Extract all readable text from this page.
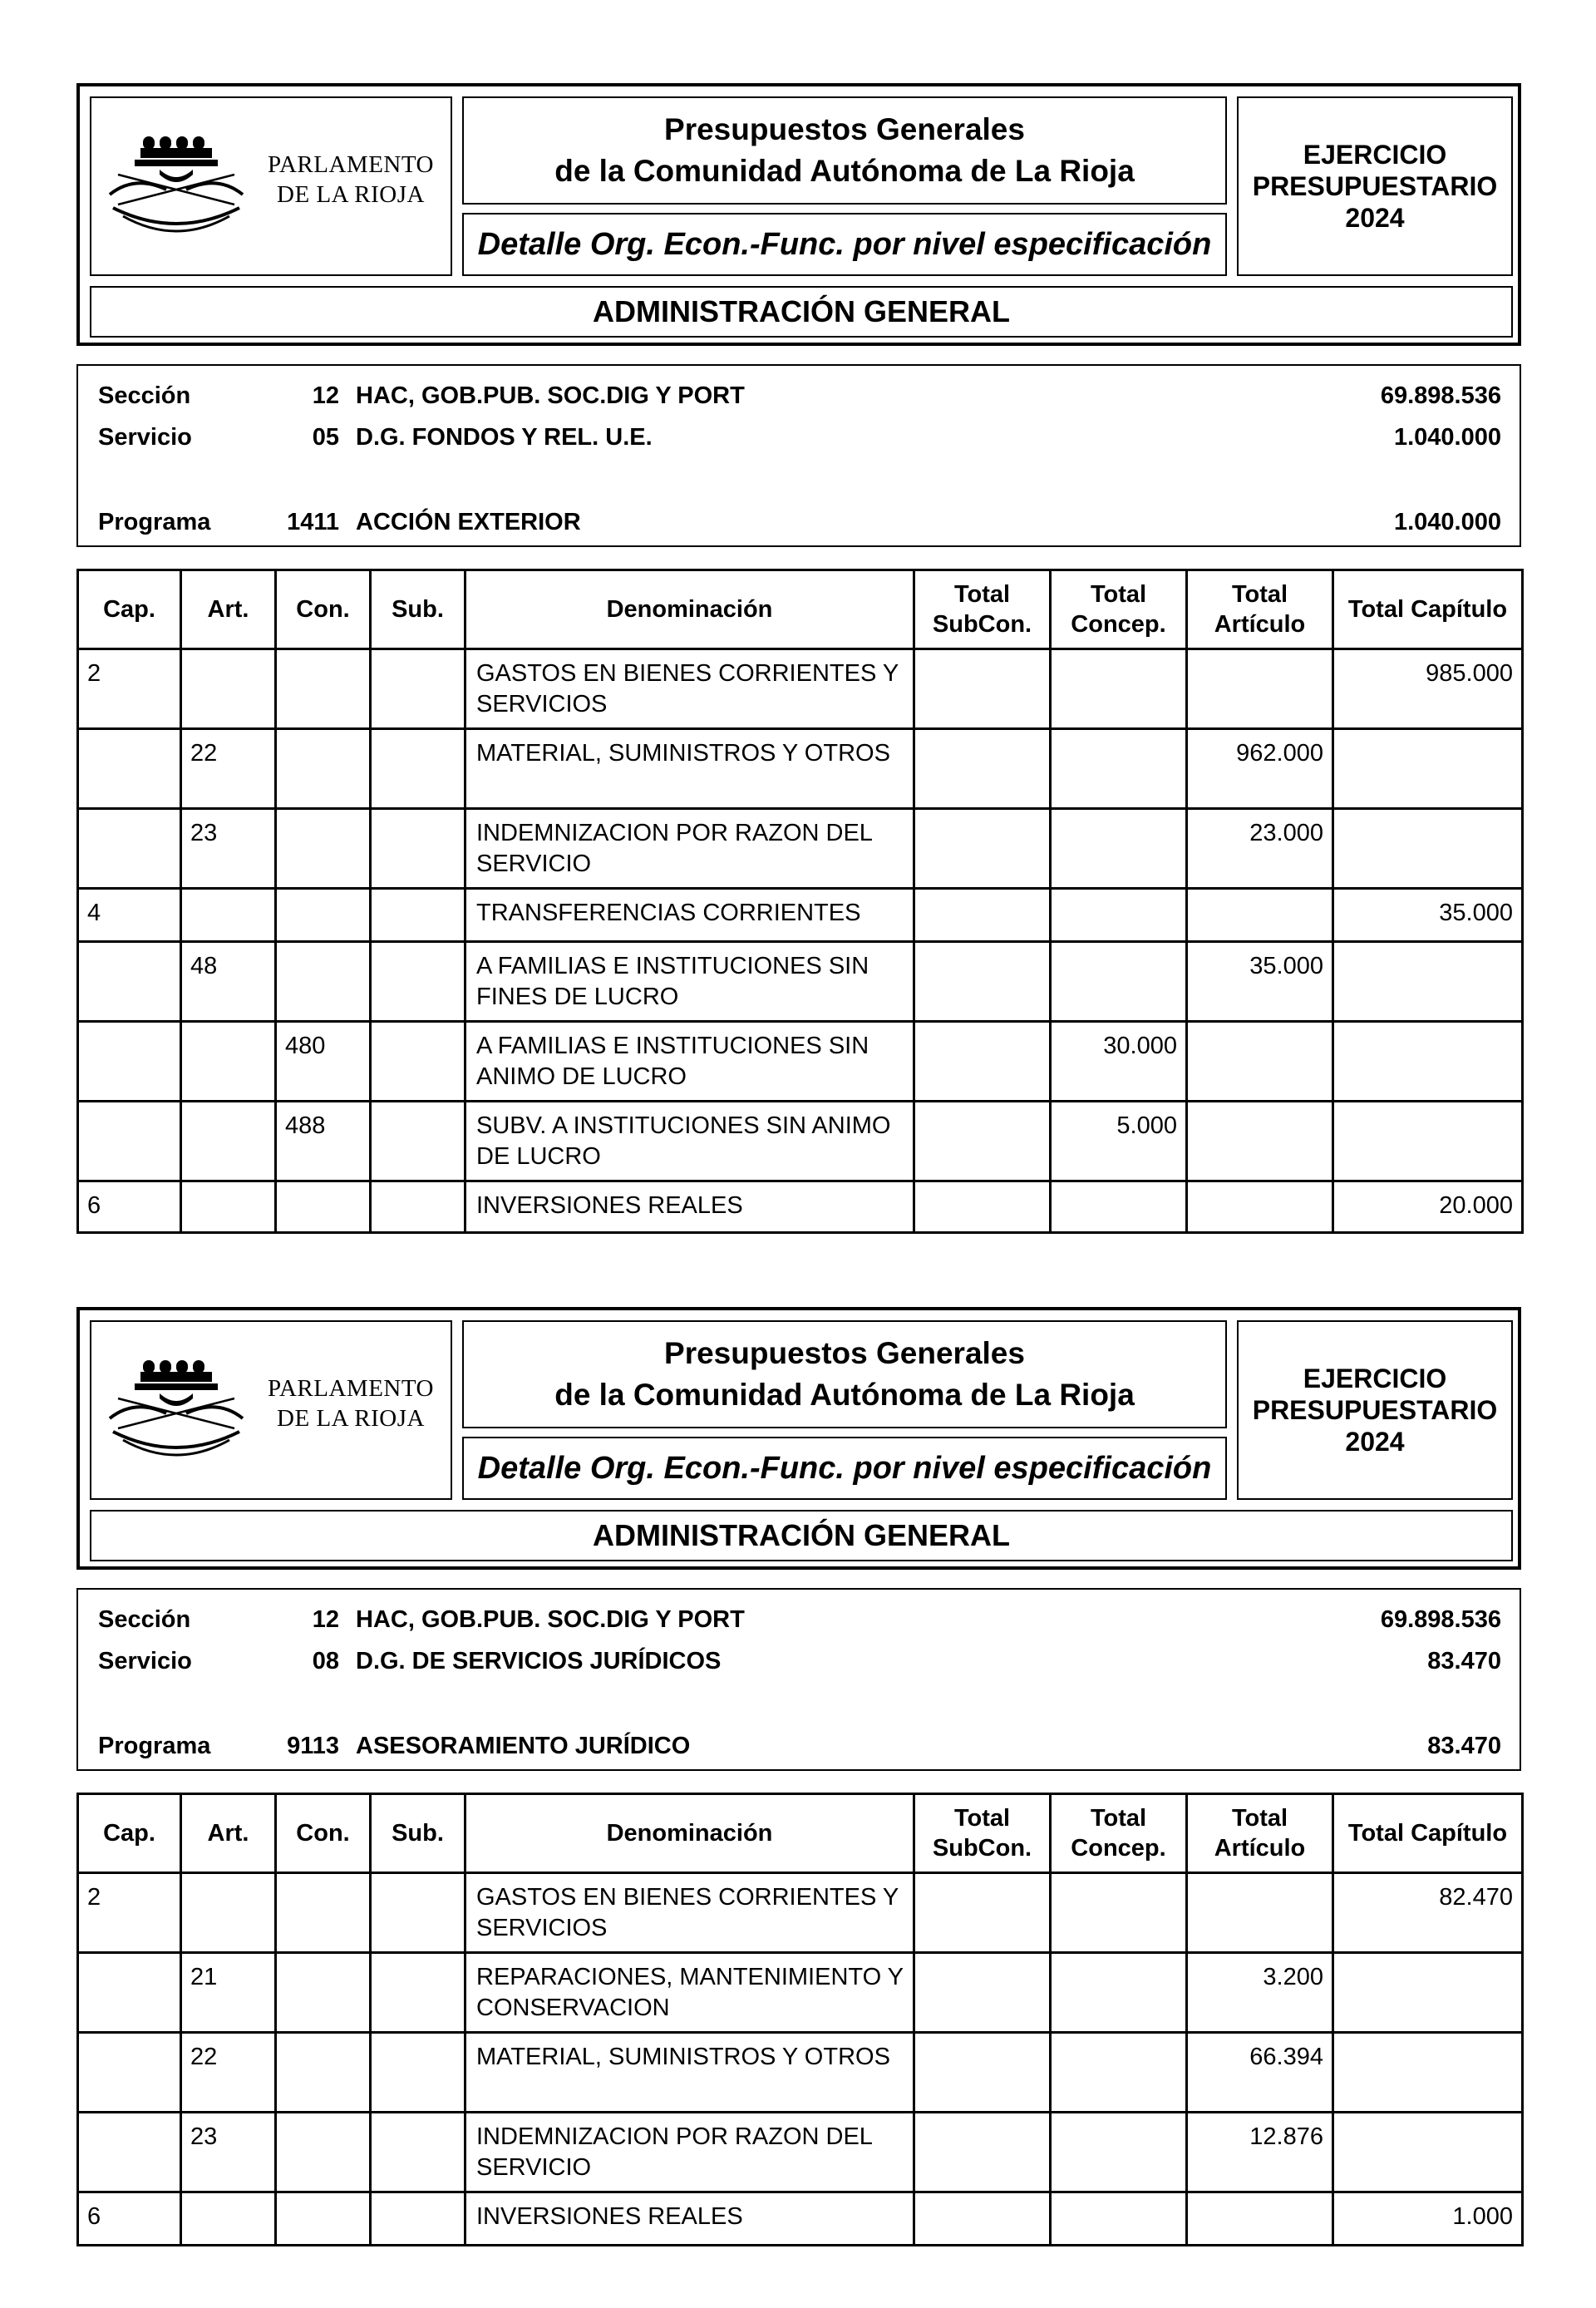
PARLAMENTO
DE LA RIOJA
Presupuestos Generales
de la Comunidad Autónoma de La Rioja
Detalle Org. Econ.-Func. por nivel especificación
EJERCICIO
PRESUPUESTARIO
2024
ADMINISTRACIÓN GENERAL
Sección	12 HAC, GOB.PUB. SOC.DIG Y PORT	69.898.536
Servicio	05 D.G. FONDOS Y REL. U.E.	1.040.000
Programa	1411 ACCIÓN EXTERIOR	1.040.000
Cap.	Art.	Con.	Sub.	Denominación	Total SubCon.	Total Concep.	Total Artículo	Total Capítulo
2				GASTOS EN BIENES CORRIENTES Y SERVICIOS				985.000
	22			MATERIAL, SUMINISTROS Y OTROS			962.000	
	23			INDEMNIZACION POR RAZON DEL SERVICIO			23.000	
4				TRANSFERENCIAS CORRIENTES				35.000
	48			A FAMILIAS E INSTITUCIONES SIN FINES DE LUCRO			35.000	
		480		A FAMILIAS E INSTITUCIONES SIN ANIMO DE LUCRO		30.000		
		488		SUBV. A INSTITUCIONES SIN ANIMO DE LUCRO		5.000		
6				INVERSIONES REALES				20.000
PARLAMENTO
DE LA RIOJA
Presupuestos Generales
de la Comunidad Autónoma de La Rioja
Detalle Org. Econ.-Func. por nivel especificación
EJERCICIO
PRESUPUESTARIO
2024
ADMINISTRACIÓN GENERAL
Sección	12 HAC, GOB.PUB. SOC.DIG Y PORT	69.898.536
Servicio	08 D.G. DE SERVICIOS JURÍDICOS	83.470
Programa	9113 ASESORAMIENTO JURÍDICO	83.470
Cap.	Art.	Con.	Sub.	Denominación	Total SubCon.	Total Concep.	Total Artículo	Total Capítulo
2				GASTOS EN BIENES CORRIENTES Y SERVICIOS				82.470
	21			REPARACIONES, MANTENIMIENTO Y CONSERVACION			3.200	
	22			MATERIAL, SUMINISTROS Y OTROS			66.394	
	23			INDEMNIZACION POR RAZON DEL SERVICIO			12.876	
6				INVERSIONES REALES				1.000
